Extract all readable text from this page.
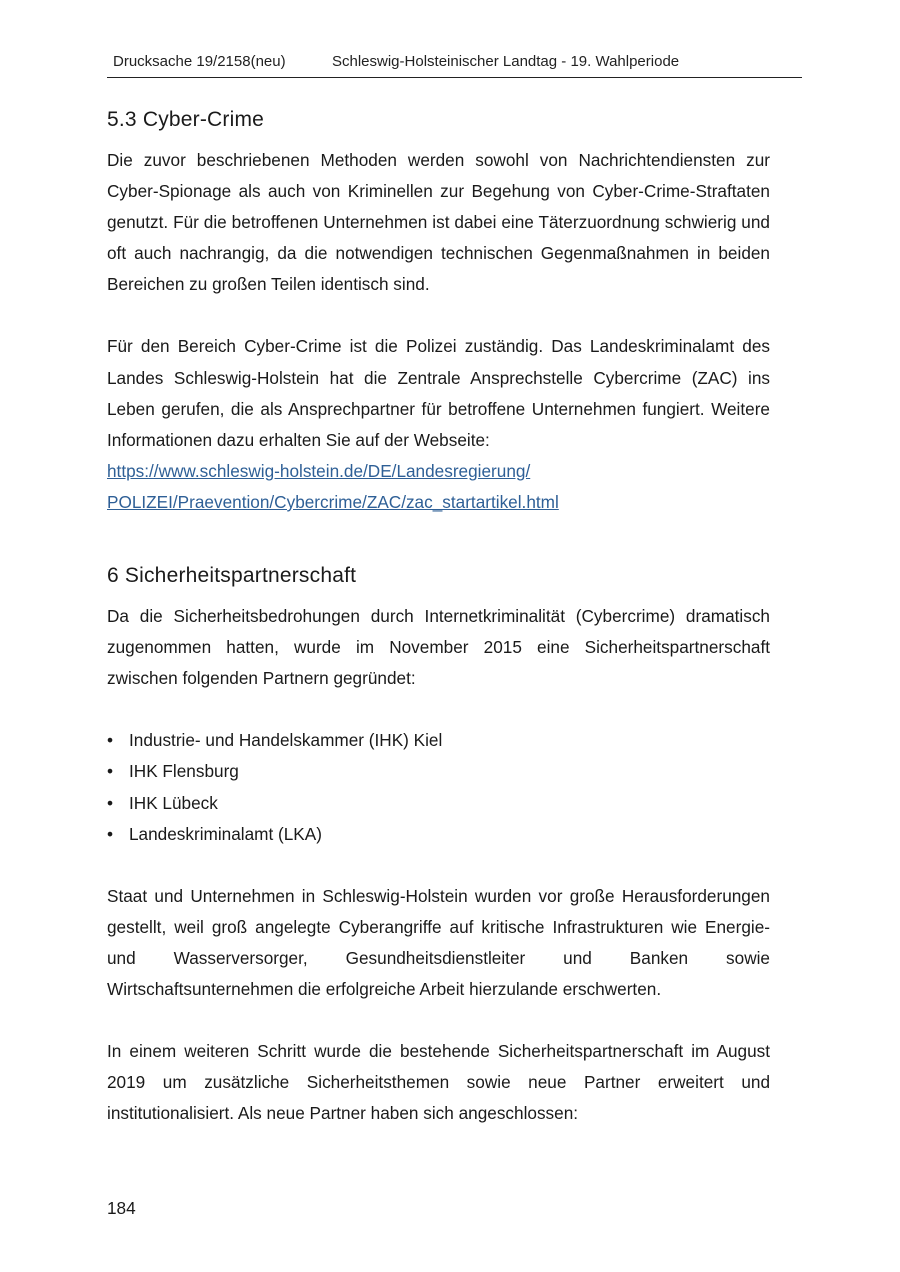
Drucksache 19/2158(neu)	Schleswig-Holsteinischer Landtag - 19. Wahlperiode
5.3 Cyber-Crime

Die zuvor beschriebenen Methoden werden sowohl von Nachrichtendiensten zur Cyber-Spionage als auch von Kriminellen zur Begehung von Cyber-Crime-Straftaten genutzt. Für die betroffenen Unternehmen ist dabei eine Täterzuordnung schwierig und oft auch nachrangig, da die notwendigen technischen Gegenmaßnahmen in beiden Bereichen zu großen Teilen identisch sind.

Für den Bereich Cyber-Crime ist die Polizei zuständig. Das Landeskriminalamt des Landes Schleswig-Holstein hat die Zentrale Ansprechstelle Cybercrime (ZAC) ins Leben gerufen, die als Ansprechpartner für betroffene Unternehmen fungiert. Weitere Informationen dazu erhalten Sie auf der Webseite:

https://www.schleswig-holstein.de/DE/Landesregierung/
POLIZEI/Praevention/Cybercrime/ZAC/zac_startartikel.html
6 Sicherheitspartnerschaft

Da die Sicherheitsbedrohungen durch Internetkriminalität (Cybercrime) dramatisch zugenommen hatten, wurde im November 2015 eine Sicherheitspartnerschaft zwischen folgenden Partnern gegründet:

• Industrie- und Handelskammer (IHK) Kiel
• IHK Flensburg
• IHK Lübeck
• Landeskriminalamt (LKA)

Staat und Unternehmen in Schleswig-Holstein wurden vor große Herausforderungen gestellt, weil groß angelegte Cyberangriffe auf kritische Infrastrukturen wie Energie- und Wasserversorger, Gesundheitsdienstleiter und Banken sowie Wirtschaftsunternehmen die erfolgreiche Arbeit hierzulande erschwerten.

In einem weiteren Schritt wurde die bestehende Sicherheitspartnerschaft im August 2019 um zusätzliche Sicherheitsthemen sowie neue Partner erweitert und institutionalisiert. Als neue Partner haben sich angeschlossen:

184
